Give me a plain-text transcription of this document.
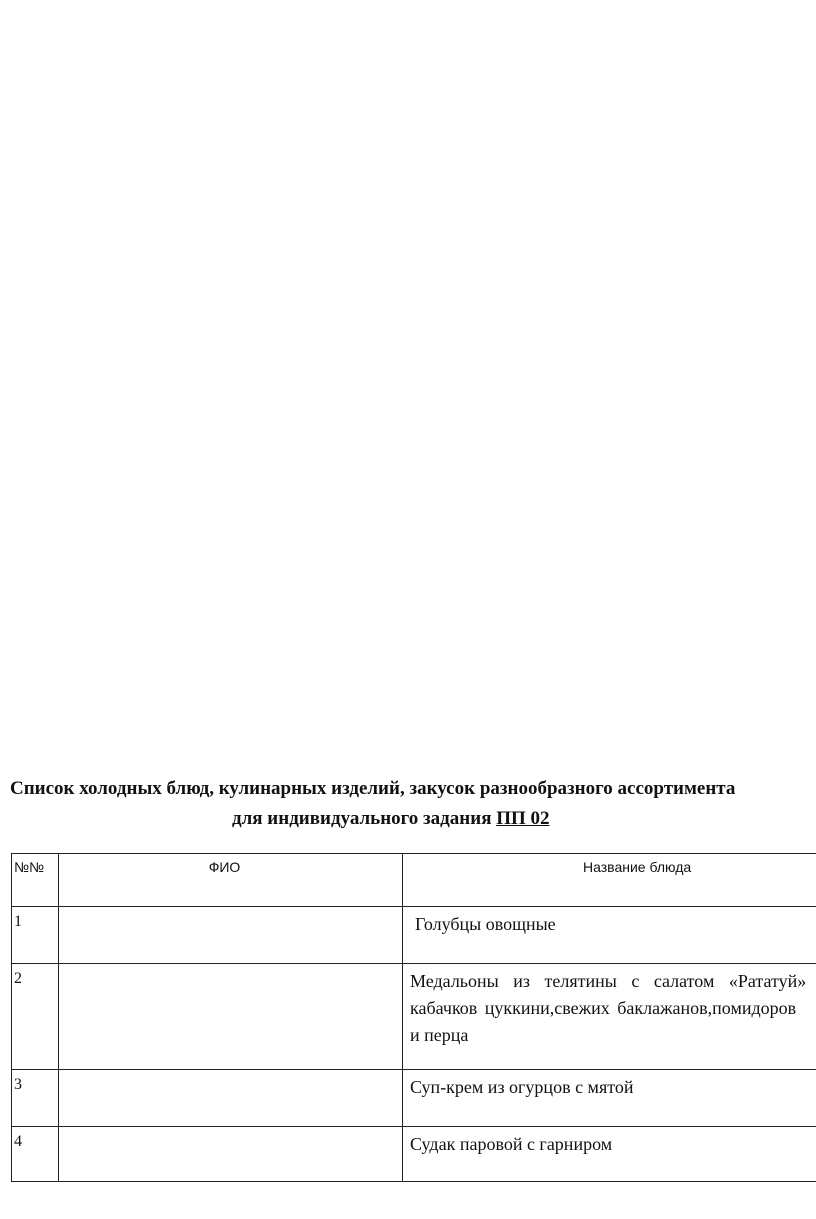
Список холодных блюд, кулинарных изделий, закусок разнообразного ассортимента
для индивидуального задания ПП 02
№№	ФИО	Название блюда

1		Голубцы овощные

2		Медальоны из телятины с салатом «Рататуй»
кабачков цуккини,свежих баклажанов,помидоров
и перца

3		Суп-крем из огурцов с мятой

4		Судак паровой с гарниром
